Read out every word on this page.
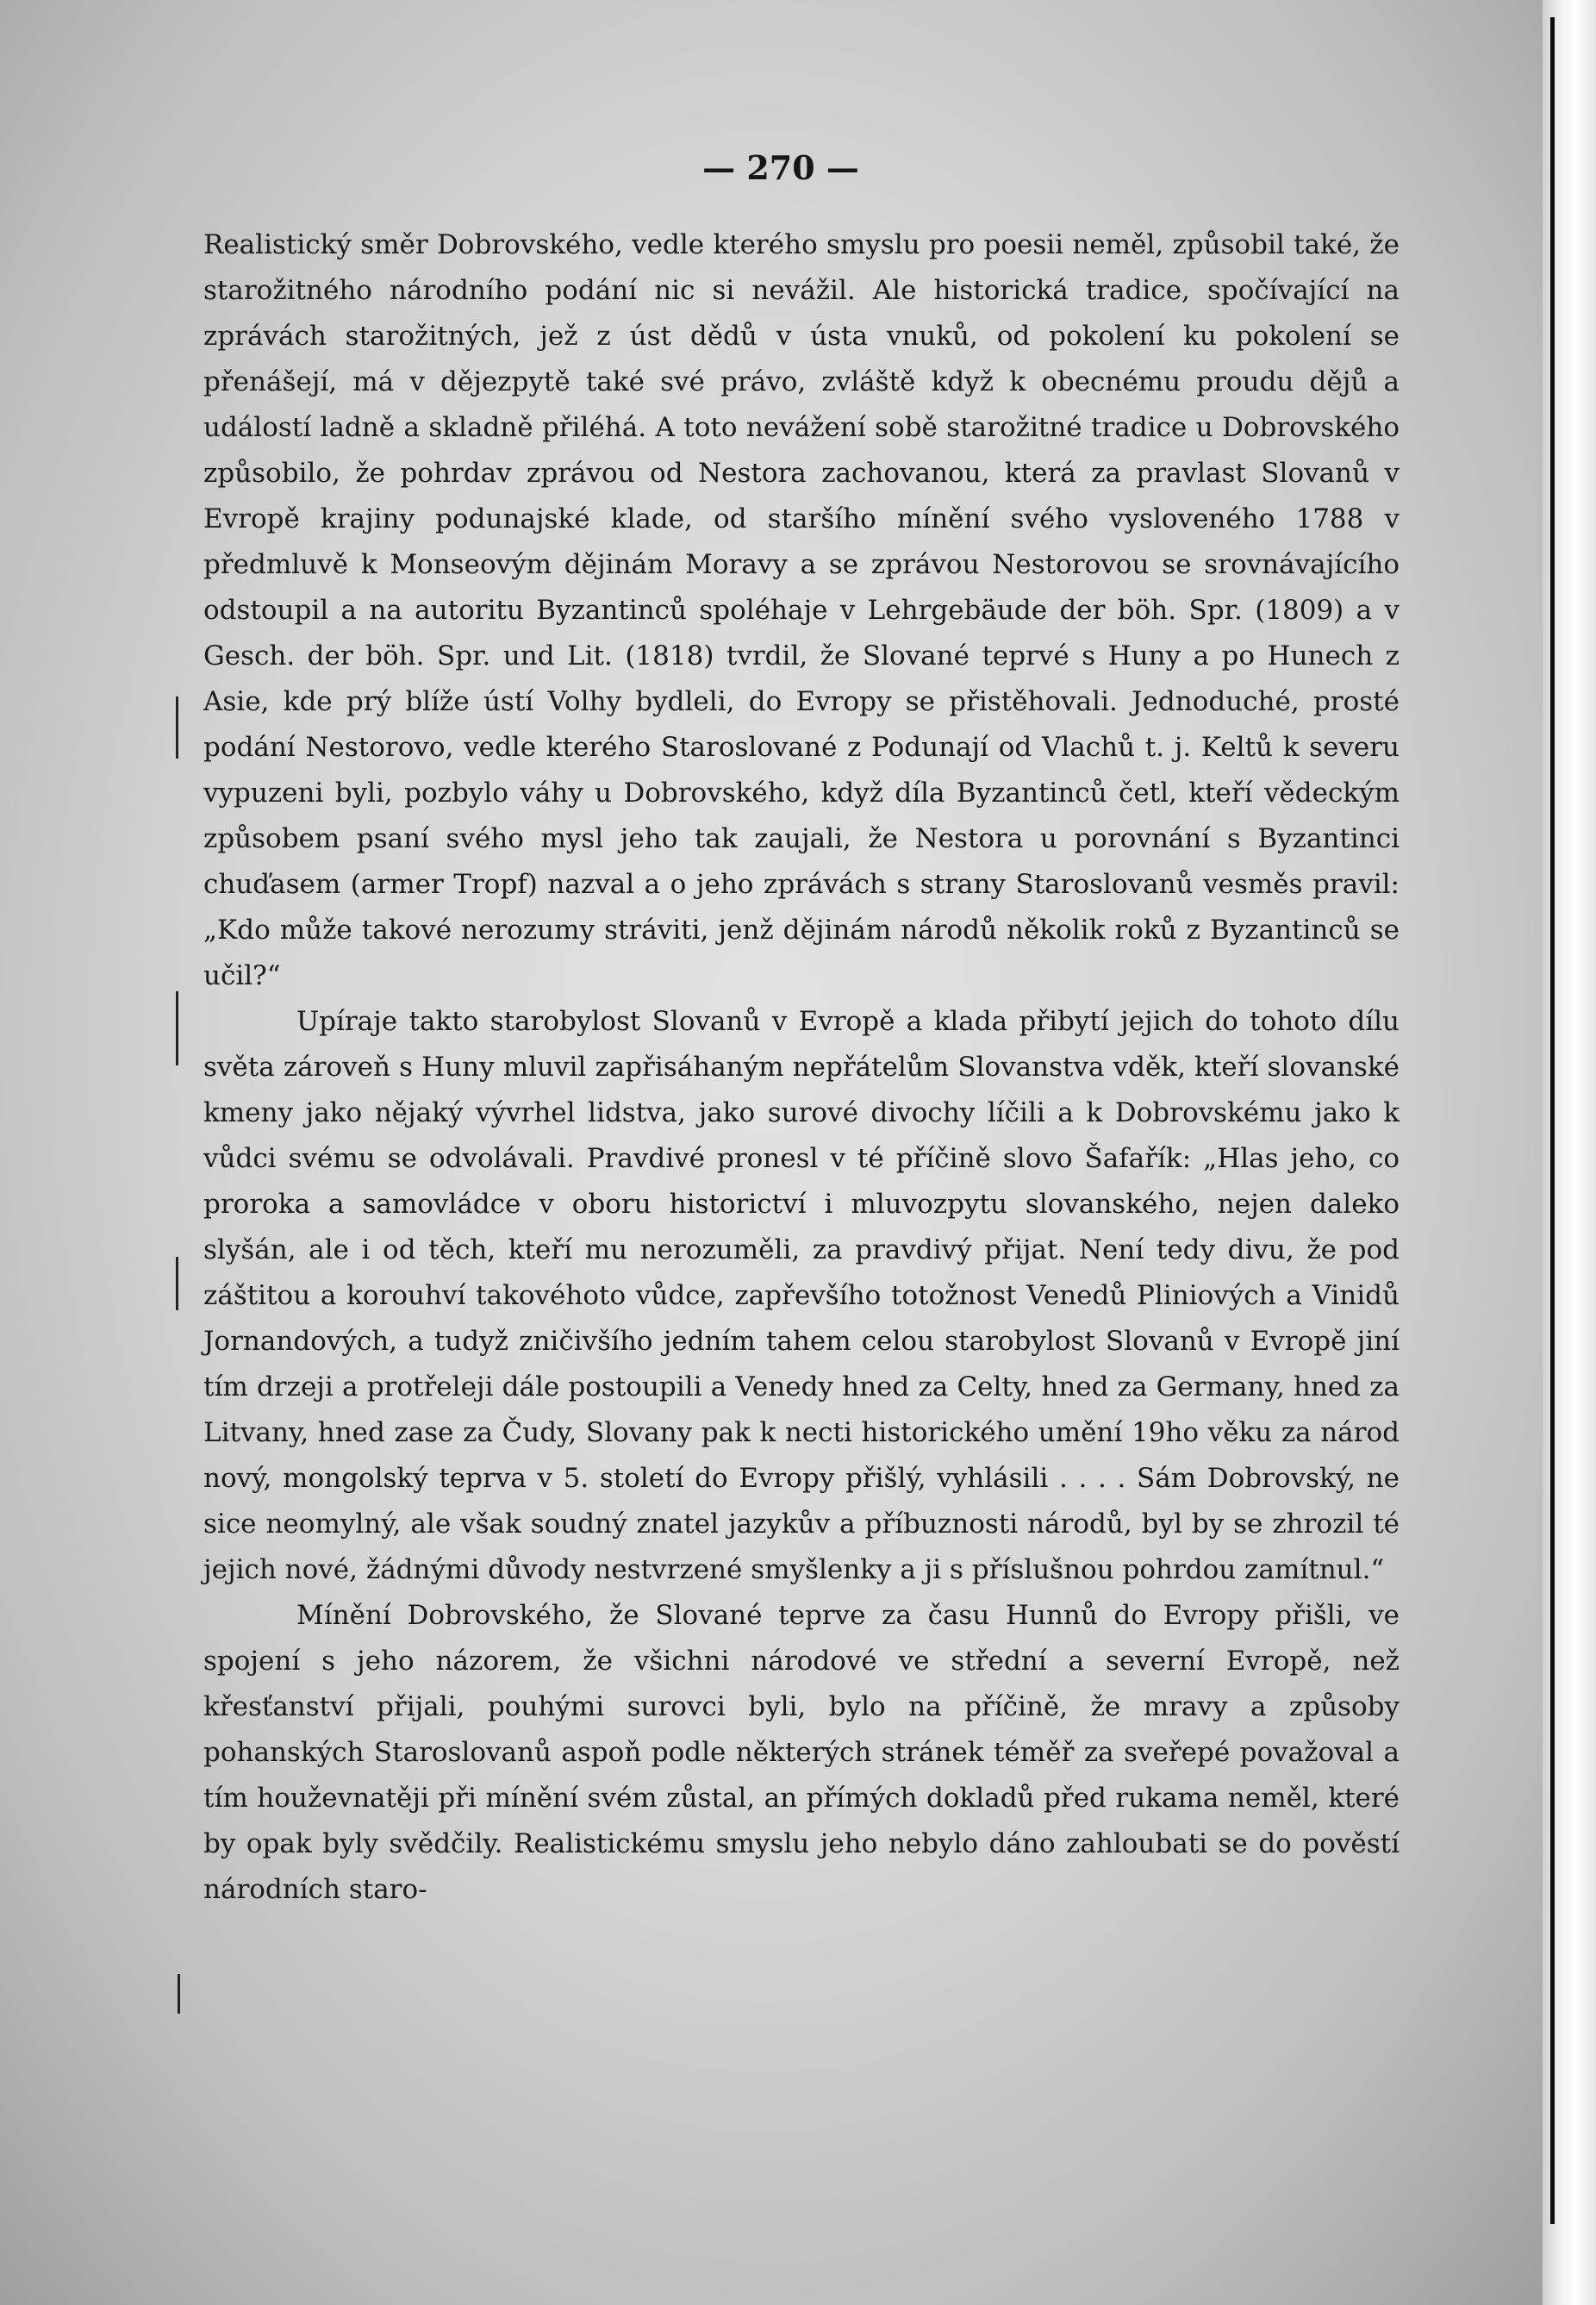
— 270 —

Realistický směr Dobrovského, vedle kterého smyslu pro poesii neměl, způsobil také, že starožitného národního podání nic si nevážil. Ale historická tradice, spočívající na zprávách starožitných, jež z úst dědů v ústa vnuků, od pokolení ku pokolení se přenášejí, má v dějezpytě také své právo, zvláště když k obecnému proudu dějů a událostí ladně a skladně přiléhá. A toto nevážení sobě starožitné tradice u Dobrovského způsobilo, že pohrdav zprávou od Nestora zachovanou, která za pravlast Slovanů v Evropě krajiny podunajské klade, od staršího mínění svého vysloveného 1788 v předmluvě k Monseovým dějinám Moravy a se zprávou Nestorovou se srovnávajícího odstoupil a na autoritu Byzantinců spoléhaje v Lehrgebäude der böh. Spr. (1809) a v Gesch. der böh. Spr. und Lit. (1818) tvrdil, že Slované teprvé s Huny a po Hunech z Asie, kde prý blíže ústí Volhy bydleli, do Evropy se přistěhovali. Jednoduché, prosté podání Nestorovo, vedle kterého Staroslované z Podunají od Vlachů t. j. Keltů k severu vypuzeni byli, pozbylo váhy u Dobrovského, když díla Byzantinců četl, kteří vědeckým způsobem psaní svého mysl jeho tak zaujali, že Nestora u porovnání s Byzantinci chuďasem (armer Tropf) nazval a o jeho zprávách s strany Staroslovanů vesměs pravil: „Kdo může takové nerozumy stráviti, jenž dějinám národů několik roků z Byzantinců se učil?“

Upíraje takto starobylost Slovanů v Evropě a klada přibytí jejich do tohoto dílu světa zároveň s Huny mluvil zapřisáhaným nepřátelům Slovanstva vděk, kteří slovanské kmeny jako nějaký vývrhel lidstva, jako surové divochy líčili a k Dobrovskému jako k vůdci svému se odvolávali. Pravdivé pronesl v té příčině slovo Šafařík: „Hlas jeho, co proroka a samovládce v oboru historictví i mluvozpytu slovanského, nejen daleko slyšán, ale i od těch, kteří mu nerozuměli, za pravdivý přijat. Není tedy divu, že pod záštitou a korouhví takovéhoto vůdce, zapřevšího totožnost Venedů Pliniových a Vinidů Jornandových, a tudyž zničivšího jedním tahem celou starobylost Slovanů v Evropě jiní tím drzeji a protřeleji dále postoupili a Venedy hned za Celty, hned za Germany, hned za Litvany, hned zase za Čudy, Slovany pak k necti historického umění 19ho věku za národ nový, mongolský teprva v 5. století do Evropy přišlý, vyhlásili . . . . Sám Dobrovský, ne sice neomylný, ale však soudný znatel jazykův a příbuznosti národů, byl by se zhrozil té jejich nové, žádnými důvody nestvrzené smyšlenky a ji s příslušnou pohrdou zamítnul.“

Mínění Dobrovského, že Slované teprve za času Hunnů do Evropy přišli, ve spojení s jeho názorem, že všichni národové ve střední a severní Evropě, než křesťanství přijali, pouhými surovci byli, bylo na příčině, že mravy a způsoby pohanských Staroslovanů aspoň podle některých stránek téměř za sveřepé považoval a tím houževnatěji při mínění svém zůstal, an přímých dokladů před rukama neměl, které by opak byly svědčily. Realistickému smyslu jeho nebylo dáno zahloubati se do pověstí národních staro-
